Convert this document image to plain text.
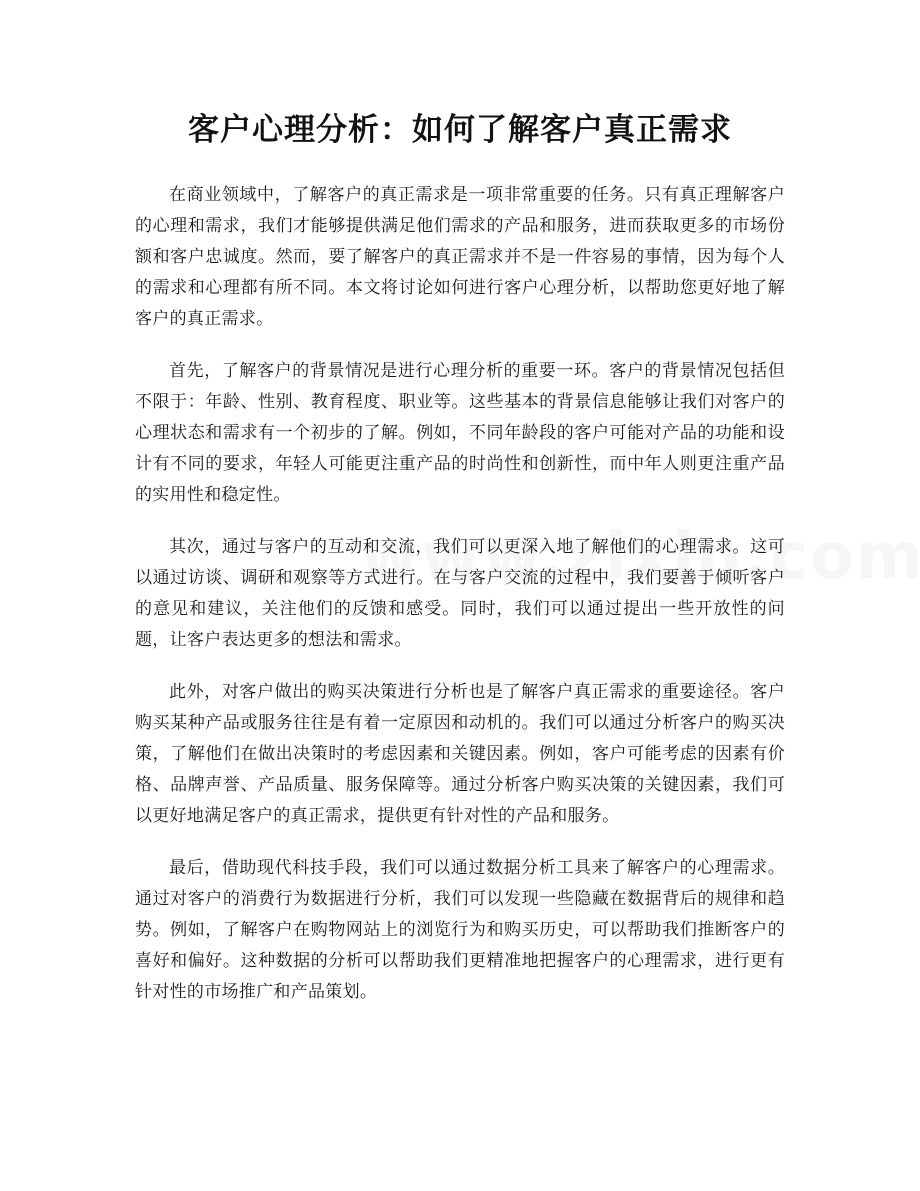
客户心理分析：如何了解客户真正需求

在商业领域中，了解客户的真正需求是一项非常重要的任务。只有真正理解客户的心理和需求，我们才能够提供满足他们需求的产品和服务，进而获取更多的市场份额和客户忠诚度。然而，要了解客户的真正需求并不是一件容易的事情，因为每个人的需求和心理都有所不同。本文将讨论如何进行客户心理分析，以帮助您更好地了解客户的真正需求。

首先，了解客户的背景情况是进行心理分析的重要一环。客户的背景情况包括但不限于：年龄、性别、教育程度、职业等。这些基本的背景信息能够让我们对客户的心理状态和需求有一个初步的了解。例如，不同年龄段的客户可能对产品的功能和设计有不同的要求，年轻人可能更注重产品的时尚性和创新性，而中年人则更注重产品的实用性和稳定性。

其次，通过与客户的互动和交流，我们可以更深入地了解他们的心理需求。这可以通过访谈、调研和观察等方式进行。在与客户交流的过程中，我们要善于倾听客户的意见和建议，关注他们的反馈和感受。同时，我们可以通过提出一些开放性的问题，让客户表达更多的想法和需求。

此外，对客户做出的购买决策进行分析也是了解客户真正需求的重要途径。客户购买某种产品或服务往往是有着一定原因和动机的。我们可以通过分析客户的购买决策，了解他们在做出决策时的考虑因素和关键因素。例如，客户可能考虑的因素有价格、品牌声誉、产品质量、服务保障等。通过分析客户购买决策的关键因素，我们可以更好地满足客户的真正需求，提供更有针对性的产品和服务。

最后，借助现代科技手段，我们可以通过数据分析工具来了解客户的心理需求。通过对客户的消费行为数据进行分析，我们可以发现一些隐藏在数据背后的规律和趋势。例如，了解客户在购物网站上的浏览行为和购买历史，可以帮助我们推断客户的喜好和偏好。这种数据的分析可以帮助我们更精准地把握客户的心理需求，进行更有针对性的市场推广和产品策划。
